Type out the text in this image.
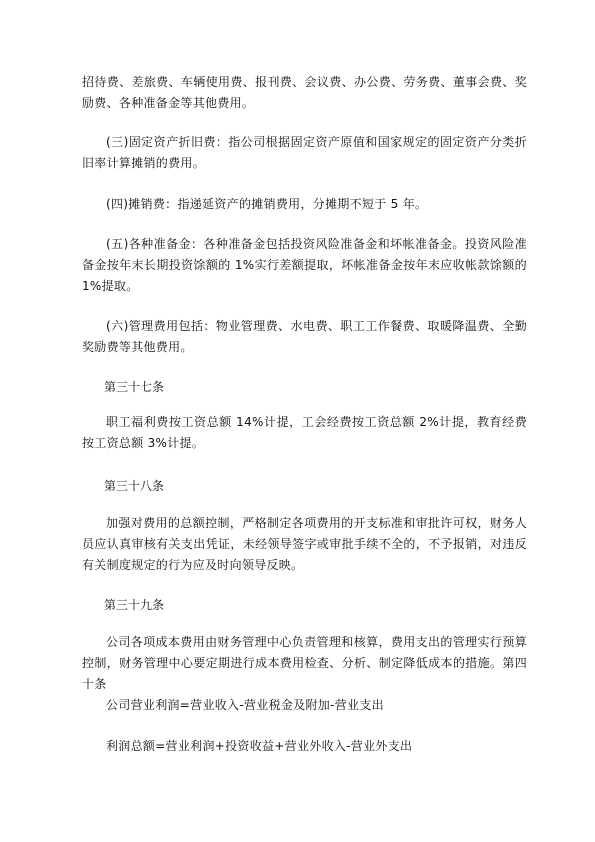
招待费、差旅费、车辆使用费、报刊费、会议费、办公费、劳务费、董事会费、奖励费、各种准备金等其他费用。

(三)固定资产折旧费：指公司根据固定资产原值和国家规定的固定资产分类折旧率计算摊销的费用。

(四)摊销费：指递延资产的摊销费用，分摊期不短于 5 年。

(五)各种准备金：各种准备金包括投资风险准备金和坏帐准备金。投资风险准备金按年末长期投资馀额的 1%实行差额提取，坏帐准备金按年末应收帐款馀额的 1%提取。

(六)管理费用包括：物业管理费、水电费、职工工作餐费、取暖降温费、全勤奖励费等其他费用。

第三十七条

职工福利费按工资总额 14%计提，工会经费按工资总额 2%计提，教育经费按工资总额 3%计提。

第三十八条

加强对费用的总额控制，严格制定各项费用的开支标准和审批许可权，财务人员应认真审核有关支出凭证，未经领导签字或审批手续不全的，不予报销，对违反有关制度规定的行为应及时向领导反映。

第三十九条

公司各项成本费用由财务管理中心负责管理和核算，费用支出的管理实行预算控制，财务管理中心要定期进行成本费用检查、分析、制定降低成本的措施。第四十条

公司营业利润=营业收入-营业税金及附加-营业支出

利润总额=营业利润+投资收益+营业外收入-营业外支出
